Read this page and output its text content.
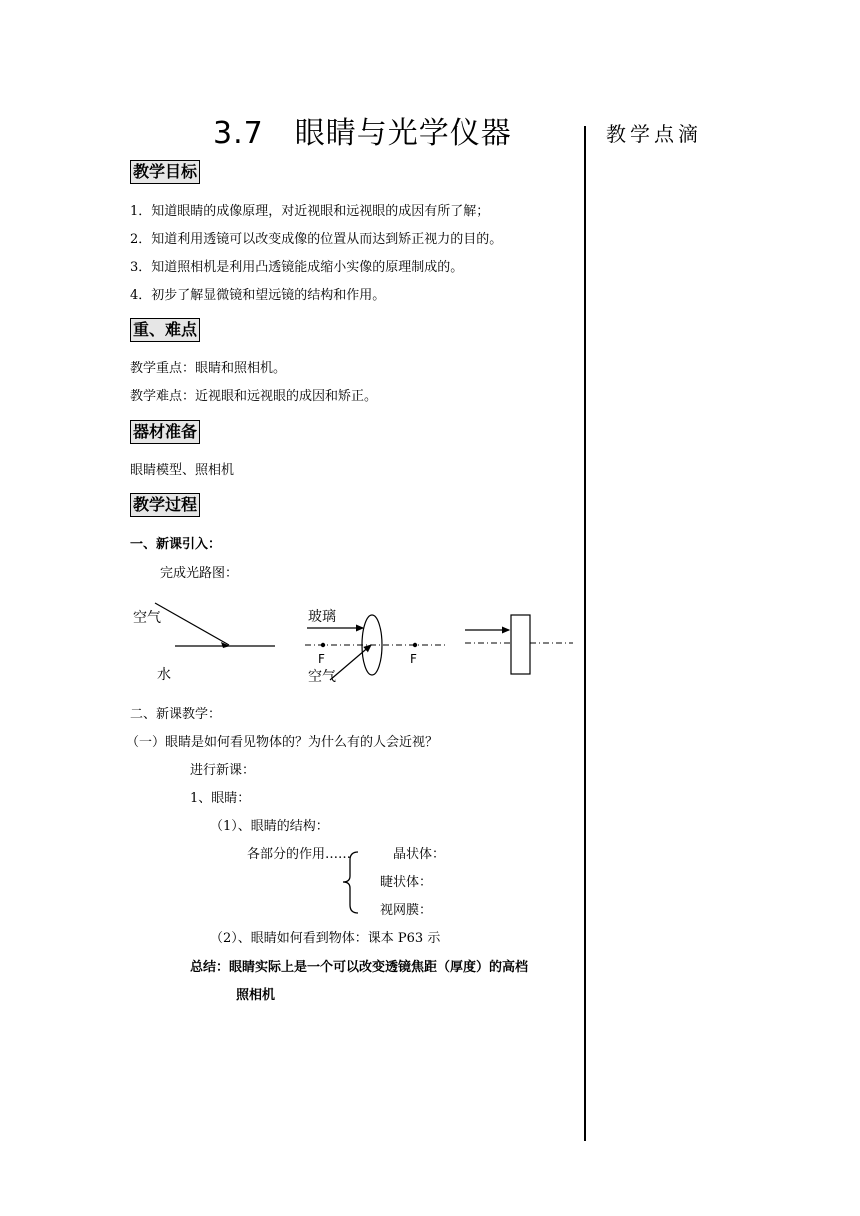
3.7　眼睛与光学仪器	教学点滴
教学目标
1．知道眼睛的成像原理，对近视眼和远视眼的成因有所了解；
2．知道利用透镜可以改变成像的位置从而达到矫正视力的目的。
3．知道照相机是利用凸透镜能成缩小实像的原理制成的。
4．初步了解显微镜和望远镜的结构和作用。
重、难点
教学重点：眼睛和照相机。
教学难点：近视眼和远视眼的成因和矫正。
器材准备
眼睛模型、照相机
教学过程
一、新课引入：
完成光路图：
空气
水
玻璃
空气
F	F
二、新课教学：
（一）眼睛是如何看见物体的？为什么有的人会近视？
进行新课：
1、眼睛：
（1）、眼睛的结构：
各部分的作用……	晶状体：
睫状体：
视网膜：
（2）、眼睛如何看到物体：课本 P63 示
总结：眼睛实际上是一个可以改变透镜焦距（厚度）的高档
照相机
